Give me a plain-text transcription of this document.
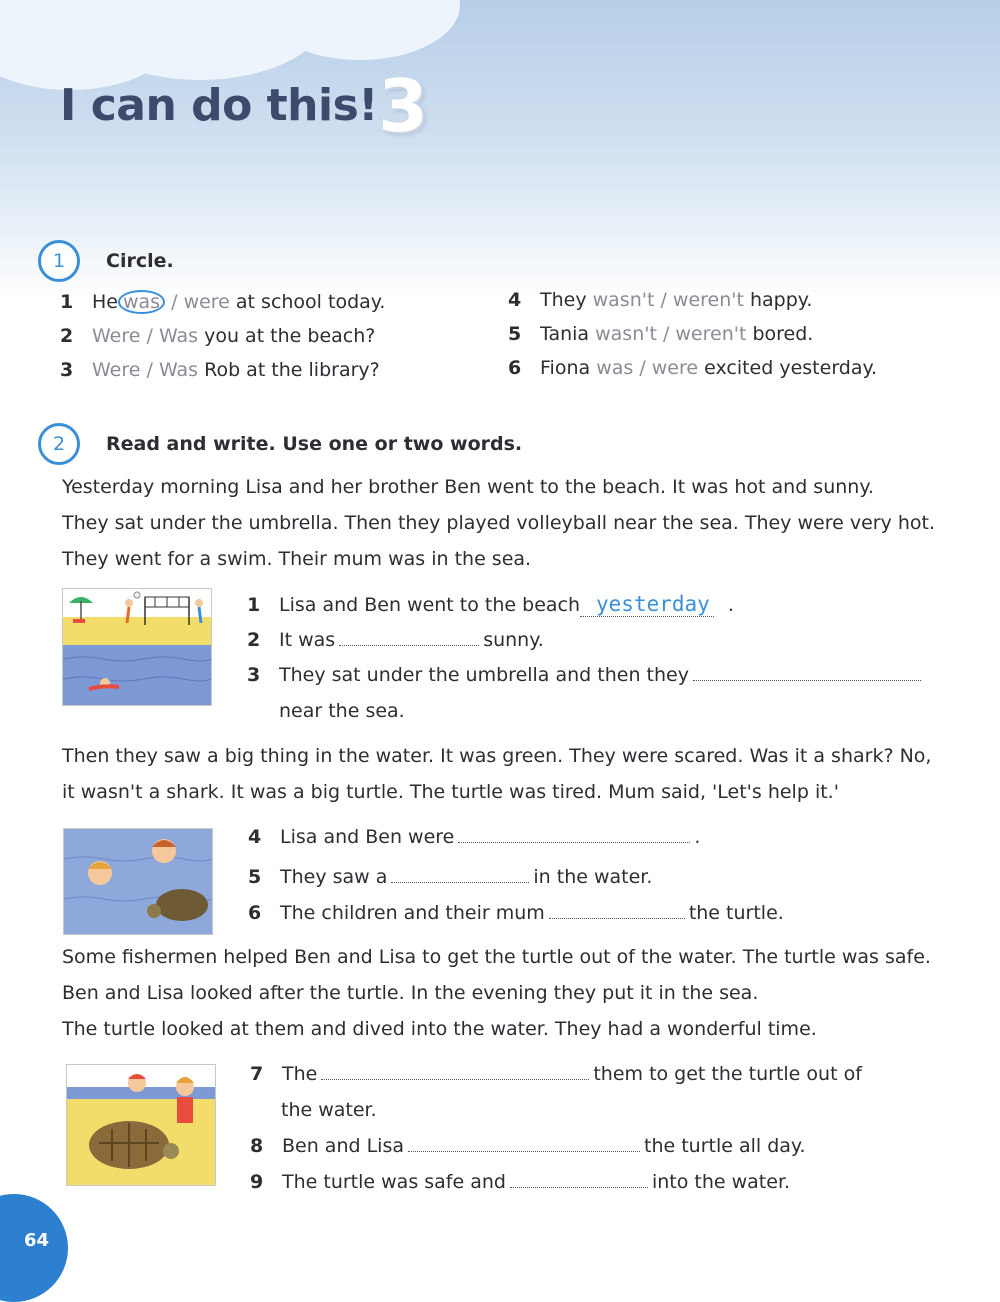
I can do this! 3
1	Circle.
1 He was / were at school today.
2 Were / Was you at the beach?
3 Were / Was Rob at the library?
4 They wasn't / weren't happy.
5 Tania wasn't / weren't bored.
6 Fiona was / were excited yesterday.
2	Read and write. Use one or two words.
Yesterday morning Lisa and her brother Ben went to the beach. It was hot and sunny.
They sat under the umbrella. Then they played volleyball near the sea. They were very hot.
They went for a swim. Their mum was in the sea.
1 Lisa and Ben went to the beach yesterday .
2 It was	sunny.
3 They sat under the umbrella and then they
near the sea.
Then they saw a big thing in the water. It was green. They were scared. Was it a shark? No,
it wasn't a shark. It was a big turtle. The turtle was tired. Mum said, 'Let's help it.'
4 Lisa and Ben were	.
5 They saw a	in the water.
6 The children and their mum	the turtle.
Some fishermen helped Ben and Lisa to get the turtle out of the water. The turtle was safe.
Ben and Lisa looked after the turtle. In the evening they put it in the sea.
The turtle looked at them and dived into the water. They had a wonderful time.
7 The	them to get the turtle out of
the water.
8 Ben and Lisa	the turtle all day.
9 The turtle was safe and	into the water.
64
